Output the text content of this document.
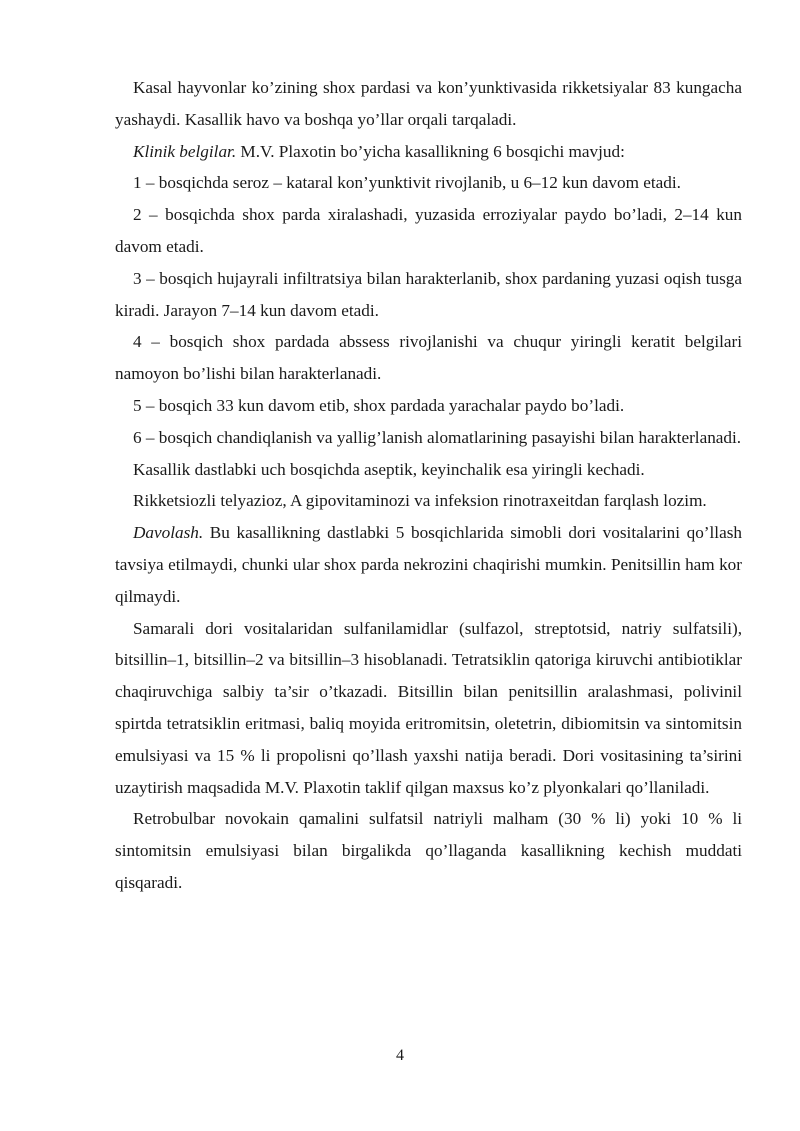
Kasal hayvonlar ko’zining shox pardasi va kon’yunktivasida rikketsiyalar 83 kungacha yashaydi. Kasallik havo va boshqa yo’llar orqali tarqaladi.

Klinik belgilar. M.V. Plaxotin bo’yicha kasallikning 6 bosqichi mavjud:

1 – bosqichda seroz – kataral kon’yunktivit rivojlanib, u 6–12 kun davom etadi.

2 – bosqichda shox parda xiralashadi, yuzasida erroziyalar paydo bo’ladi, 2–14 kun davom etadi.

3 – bosqich hujayrali infiltratsiya bilan harakterlanib, shox pardaning yuzasi oqish tusga kiradi. Jarayon 7–14 kun davom etadi.

4 – bosqich shox pardada abssess rivojlanishi va chuqur yiringli keratit belgilari namoyon bo’lishi bilan harakterlanadi.

5 – bosqich 33 kun davom etib, shox pardada yarachalar paydo bo’ladi.

6 – bosqich chandiqlanish va yallig’lanish alomatlarining pasayishi bilan harakterlanadi.

Kasallik dastlabki uch bosqichda aseptik, keyinchalik esa yiringli kechadi.

Rikketsiozli telyazioz, A gipovitaminozi va infeksion rinotraxeitdan farqlash lozim.

Davolash. Bu kasallikning dastlabki 5 bosqichlarida simobli dori vositalarini qo’llash tavsiya etilmaydi, chunki ular shox parda nekrozini chaqirishi mumkin. Penitsillin ham kor qilmaydi.

Samarali dori vositalaridan sulfanilamidlar (sulfazol, streptotsid, natriy sulfatsili), bitsillin–1, bitsillin–2 va bitsillin–3 hisoblanadi. Tetratsiklin qatoriga kiruvchi antibiotiklar chaqiruvchiga salbiy ta’sir o’tkazadi. Bitsillin bilan penitsillin aralashmasi, polivinil spirtda tetratsiklin eritmasi, baliq moyida eritromitsin, oletetrin, dibiomitsin va sintomitsin emulsiyasi va 15 % li propolisni qo’llash yaxshi natija beradi. Dori vositasining ta’sirini uzaytirish maqsadida M.V. Plaxotin taklif qilgan maxsus ko’z plyonkalari qo’llaniladi.

Retrobulbar novokain qamalini sulfatsil natriyli malham (30 % li) yoki 10 % li sintomitsin emulsiyasi bilan birgalikda qo’llaganda kasallikning kechish muddati qisqaradi.

4
